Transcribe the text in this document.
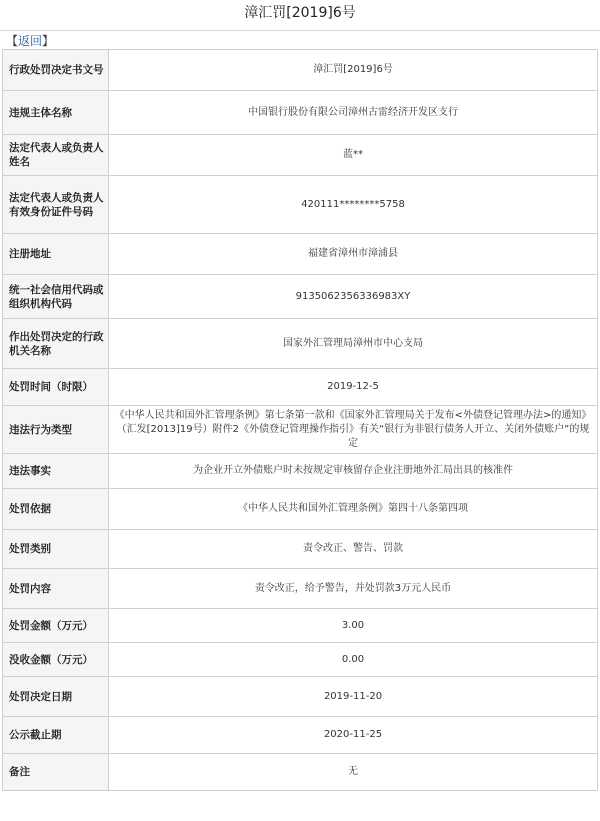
漳汇罚[2019]6号
【返回】
行政处罚决定书文号	漳汇罚[2019]6号
违规主体名称	中国银行股份有限公司漳州古雷经济开发区支行
法定代表人或负责人姓名	蓝**
法定代表人或负责人有效身份证件号码	420111********5758
注册地址	福建省漳州市漳浦县
统一社会信用代码或组织机构代码	9135062356336983XY
作出处罚决定的行政机关名称	国家外汇管理局漳州市中心支局
处罚时间（时限）	2019-12-5
违法行为类型	《中华人民共和国外汇管理条例》第七条第一款和《国家外汇管理局关于发布<外债登记管理办法>的通知》（汇发[2013]19号）附件2《外债登记管理操作指引》有关“银行为非银行债务人开立、关闭外债账户”的规定
违法事实	为企业开立外债账户时未按规定审核留存企业注册地外汇局出具的核准件
处罚依据	《中华人民共和国外汇管理条例》第四十八条第四项
处罚类别	责令改正、警告、罚款
处罚内容	责令改正，给予警告，并处罚款3万元人民币
处罚金额（万元）	3.00
没收金额（万元）	0.00
处罚决定日期	2019-11-20
公示截止期	2020-11-25
备注	无
